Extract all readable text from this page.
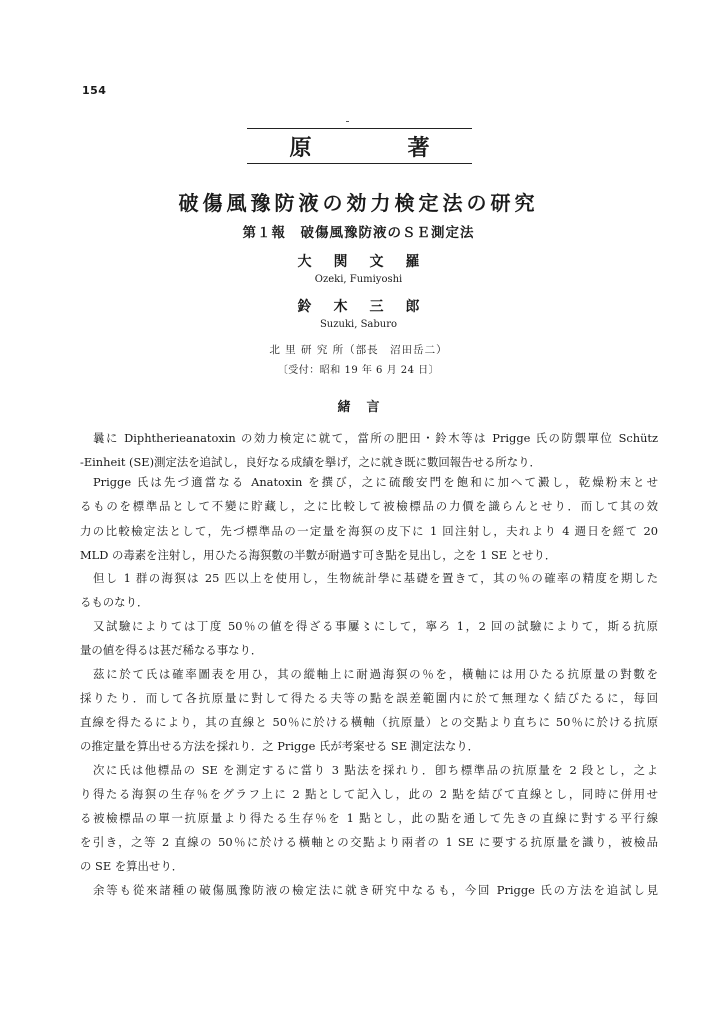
154
原著
破傷風豫防液の効力検定法の研究
第１報　破傷風豫防液のＳＥ測定法
大関文羅
Ozeki, Fumiyoshi
鈴木三郎
Suzuki, Saburo
北 里 研 究 所（部長　沼田岳二）
〔受付：昭和 19 年 6 月 24 日〕
緒言
曩に Diphtherieanatoxin の効力検定に就て，當所の肥田・鈴木等は Prigge 氏の防禦單位 Schütz
-Einheit (SE)測定法を追試し，良好なる成績を擧げ，之に就き既に數回報告せる所なり．
Prigge 氏は先づ適當なる Anatoxin を撰び，之に硫酸安門を飽和に加へて澱し，乾燥粉末とせ
るものを標準品として不變に貯藏し，之に比較して被檢標品の力價を識らんとせり．而して其の效
力の比較檢定法として，先づ標準品の一定量を海猽の皮下に 1 回注射し，夫れより 4 週日を經て 20
MLD の毒素を注射し，用ひたる海猽數の半數が耐過す可き點を見出し，之を 1 SE とせり．
但し 1 群の海猽は 25 匹以上を使用し，生物統計學に基礎を置きて，其の％の確率の精度を期した
るものなり．
又試驗によりては丁度 50％の値を得ざる事屢〻にして，寧ろ 1，2 回の試驗によりて，斯る抗原
量の値を得るは甚だ稀なる事なり．
茲に於て氏は確率圖表を用ひ，其の縱軸上に耐過海猽の％を，橫軸には用ひたる抗原量の對數を
採りたり．而して各抗原量に對して得たる夫等の點を誤差範圍内に於て無理なく結びたるに，每回
直線を得たるにより，其の直線と 50％に於ける橫軸（抗原量）との交點より直ちに 50％に於ける抗原
の推定量を算出せる方法を採れり．之 Prigge 氏が考案せる SE 測定法なり．
次に氏は他標品の SE を測定するに當り 3 點法を採れり．卽ち標準品の抗原量を 2 段とし，之よ
り得たる海猽の生存％をグラフ上に 2 點として記入し，此の 2 點を結びて直線とし，同時に併用せ
る被檢標品の單一抗原量より得たる生存％を 1 點とし，此の點を通して先きの直線に對する平行線
を引き，之等 2 直線の 50％に於ける橫軸との交點より兩者の 1 SE に要する抗原量を識り，被檢品
の SE を算出せり．
余等も從來諸種の破傷風豫防液の檢定法に就き研究中なるも，今回 Prigge 氏の方法を追試し見
